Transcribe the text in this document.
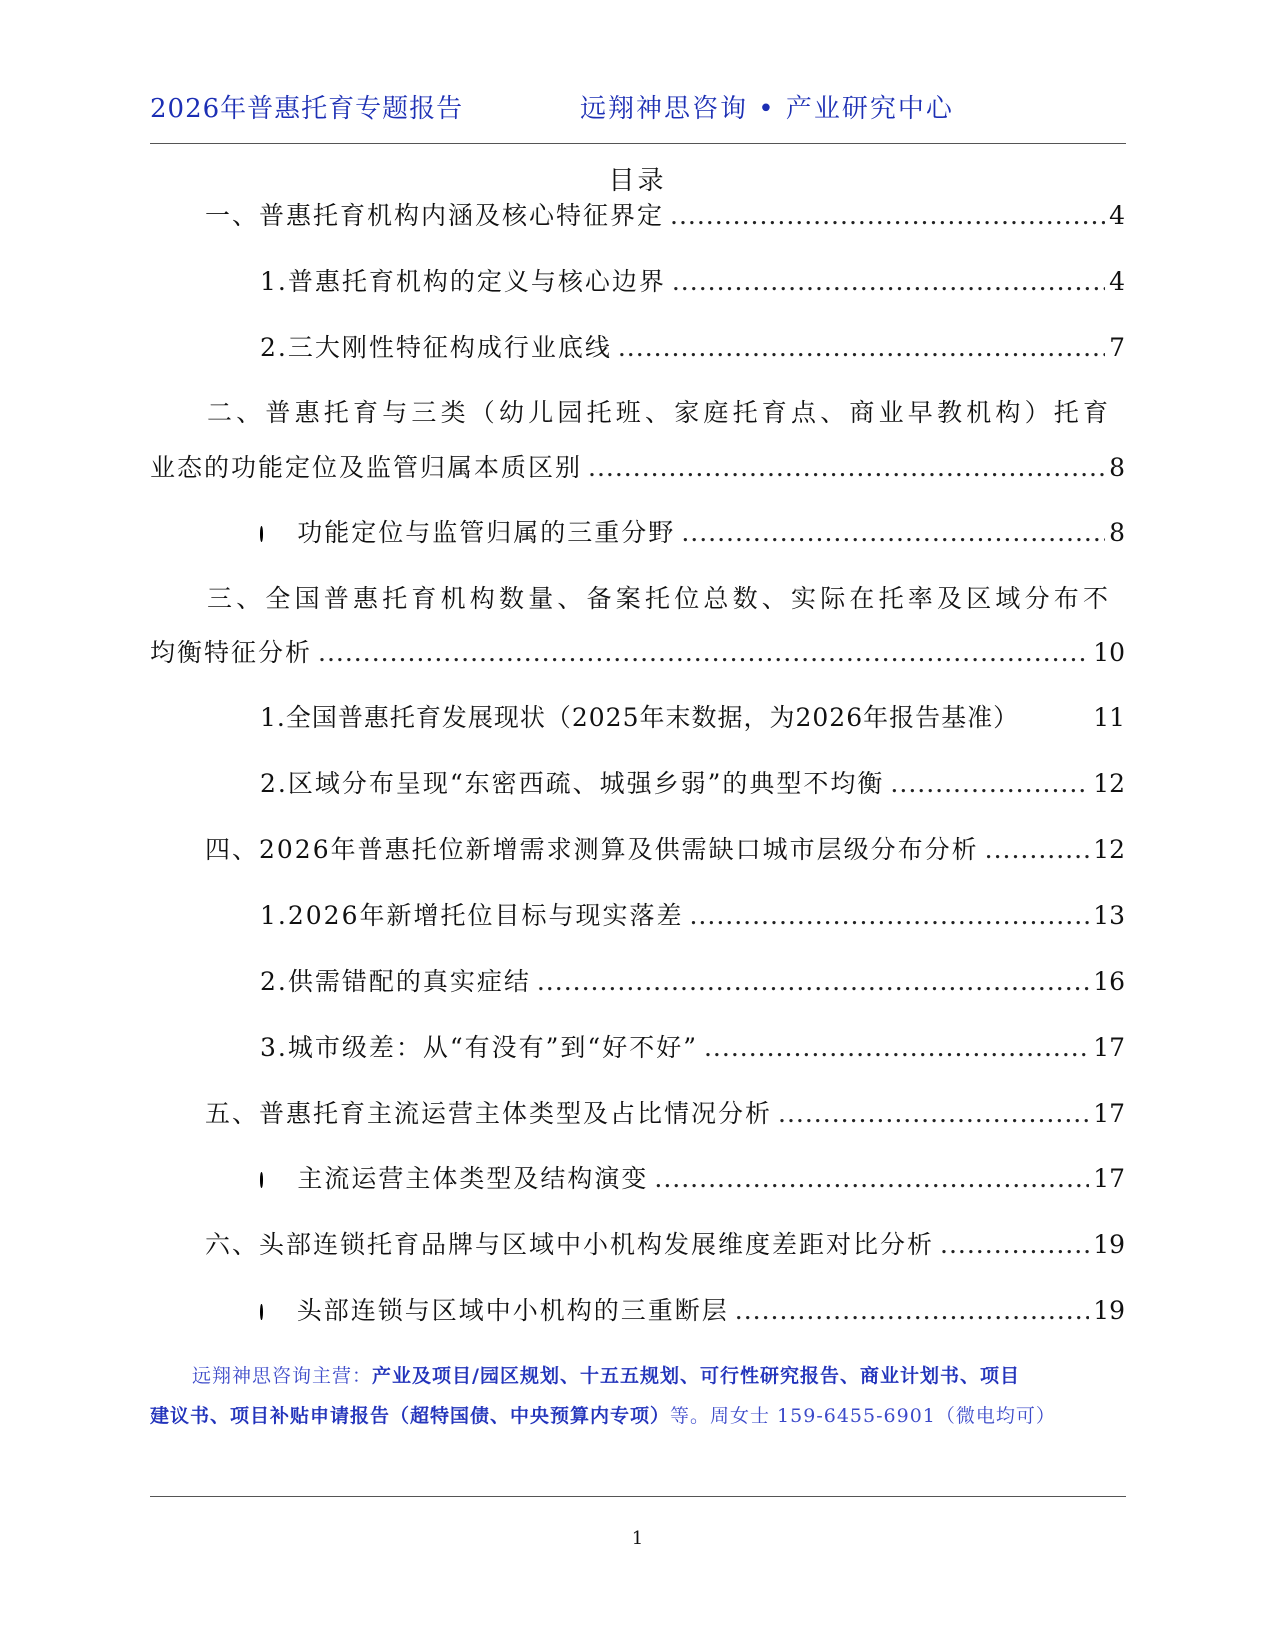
2026年普惠托育专题报告	远翔神思咨询 • 产业研究中心
目录
一、普惠托育机构内涵及核心特征界定 .....	4
1.普惠托育机构的定义与核心边界 .....	4
2.三大刚性特征构成行业底线 .....	7
二、普惠托育与三类（幼儿园托班、家庭托育点、商业早教机构）托育
业态的功能定位及监管归属本质区别 .....	8
功能定位与监管归属的三重分野 .....	8
三、全国普惠托育机构数量、备案托位总数、实际在托率及区域分布不
均衡特征分析 .....	10
1.全国普惠托育发展现状（2025年末数据，为2026年报告基准）	11
2.区域分布呈现“东密西疏、城强乡弱”的典型不均衡 .....	12
四、2026年普惠托位新增需求测算及供需缺口城市层级分布分析 .....	12
1.2026年新增托位目标与现实落差 .....	13
2.供需错配的真实症结 .....	16
3.城市级差：从“有没有”到“好不好” .....	17
五、普惠托育主流运营主体类型及占比情况分析 .....	17
主流运营主体类型及结构演变 .....	17
六、头部连锁托育品牌与区域中小机构发展维度差距对比分析 .....	19
头部连锁与区域中小机构的三重断层 .....	19
远翔神思咨询主营：产业及项目/园区规划、十五五规划、可行性研究报告、商业计划书、项目
建议书、项目补贴申请报告（超特国债、中央预算内专项）等。周女士 159-6455-6901（微电均可）
1
